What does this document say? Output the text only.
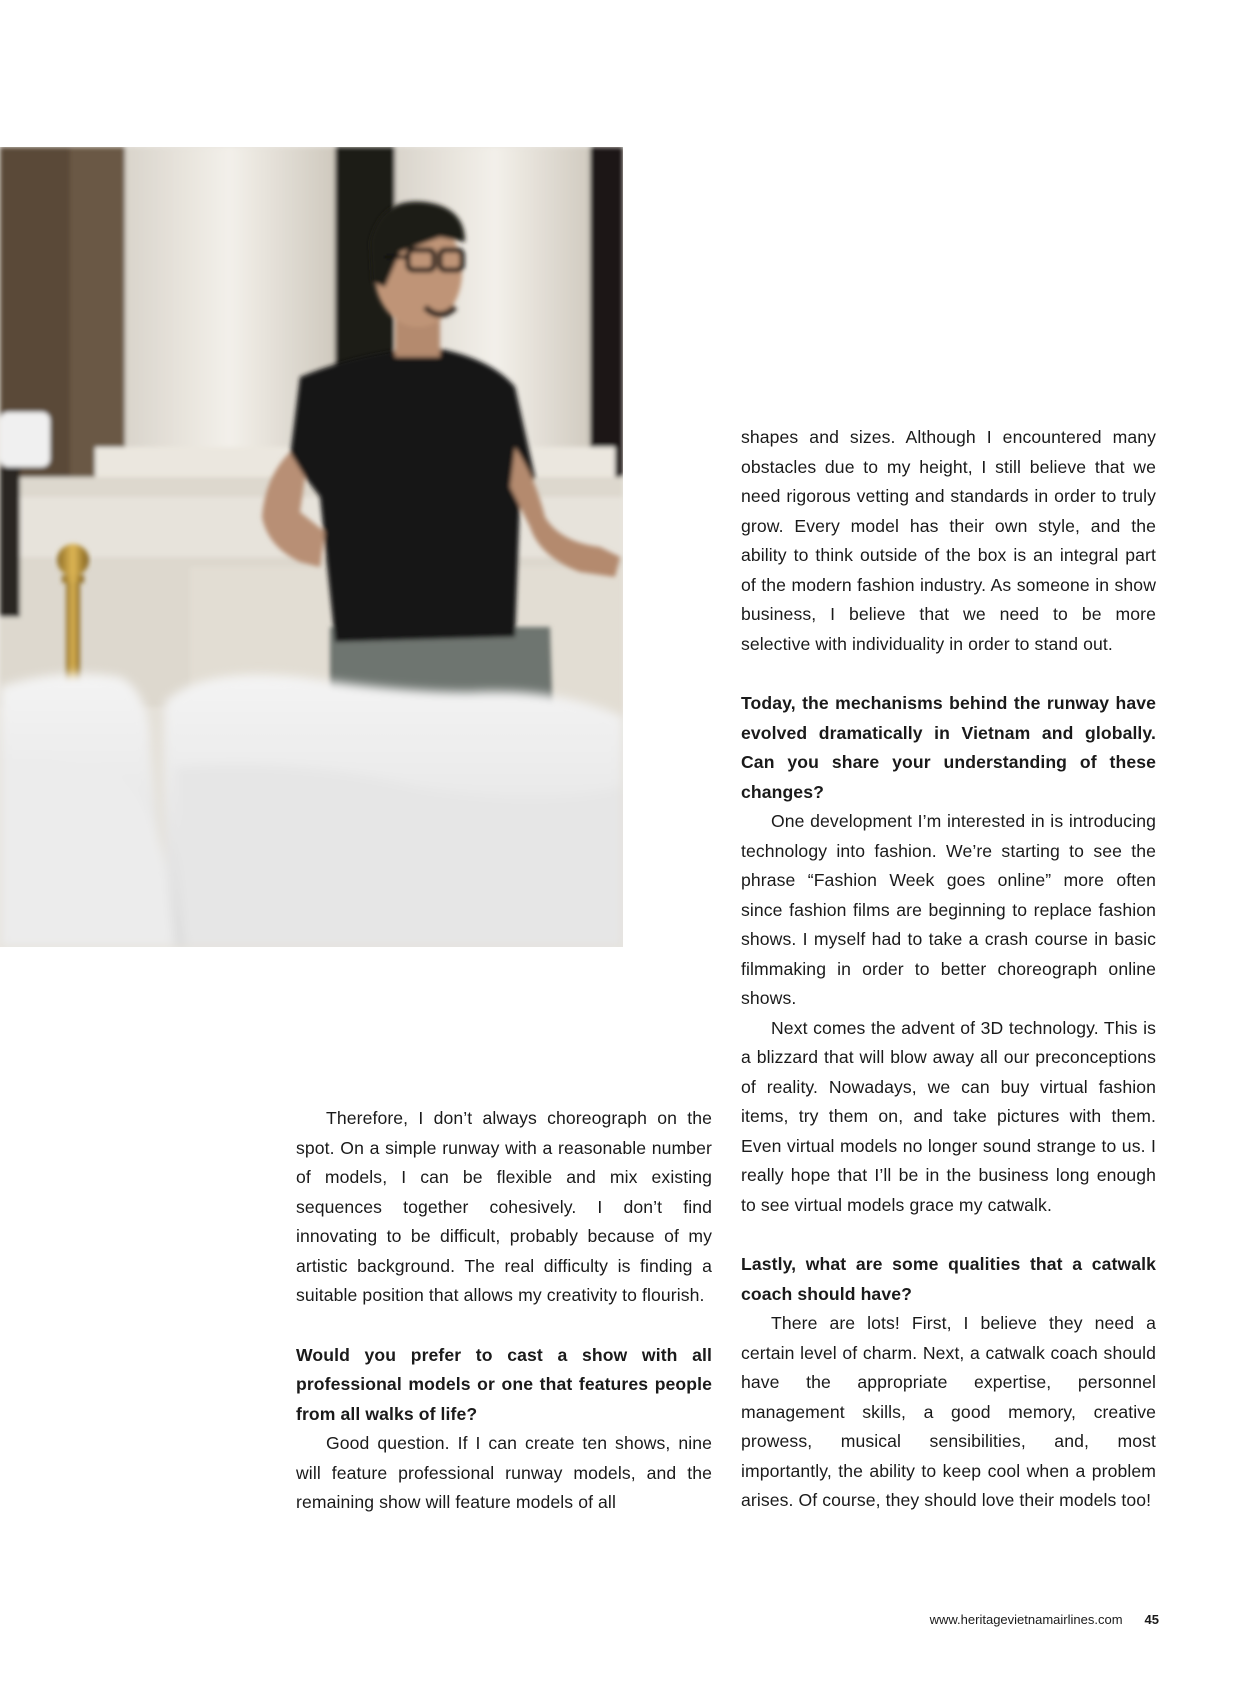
Therefore, I don’t always choreograph on the spot. On a simple runway with a reasonable number of models, I can be flexible and mix existing sequences together cohesively. I don’t find innovating to be difficult, probably because of my artistic background. The real difficulty is finding a suitable position that allows my creativity to flourish.

Would you prefer to cast a show with all professional models or one that features people from all walks of life?

Good question. If I can create ten shows, nine will feature professional runway models, and the remaining show will feature models of all

shapes and sizes. Although I encountered many obstacles due to my height, I still believe that we need rigorous vetting and standards in order to truly grow. Every model has their own style, and the ability to think outside of the box is an integral part of the modern fashion industry. As someone in show business, I believe that we need to be more selective with individuality in order to stand out.

Today, the mechanisms behind the runway have evolved dramatically in Vietnam and globally. Can you share your understanding of these changes?

One development I’m interested in is introducing technology into fashion. We’re starting to see the phrase “Fashion Week goes online” more often since fashion films are beginning to replace fashion shows. I myself had to take a crash course in basic filmmaking in order to better choreograph online shows.

Next comes the advent of 3D technology. This is a blizzard that will blow away all our preconceptions of reality. Nowadays, we can buy virtual fashion items, try them on, and take pictures with them. Even virtual models no longer sound strange to us. I really hope that I’ll be in the business long enough to see virtual models grace my catwalk.

Lastly, what are some qualities that a catwalk coach should have?

There are lots! First, I believe they need a certain level of charm. Next, a catwalk coach should have the appropriate expertise, personnel management skills, a good memory, creative prowess, musical sensibilities, and, most importantly, the ability to keep cool when a problem arises. Of course, they should love their models too!

www.heritagevietnamairlines.com 45
